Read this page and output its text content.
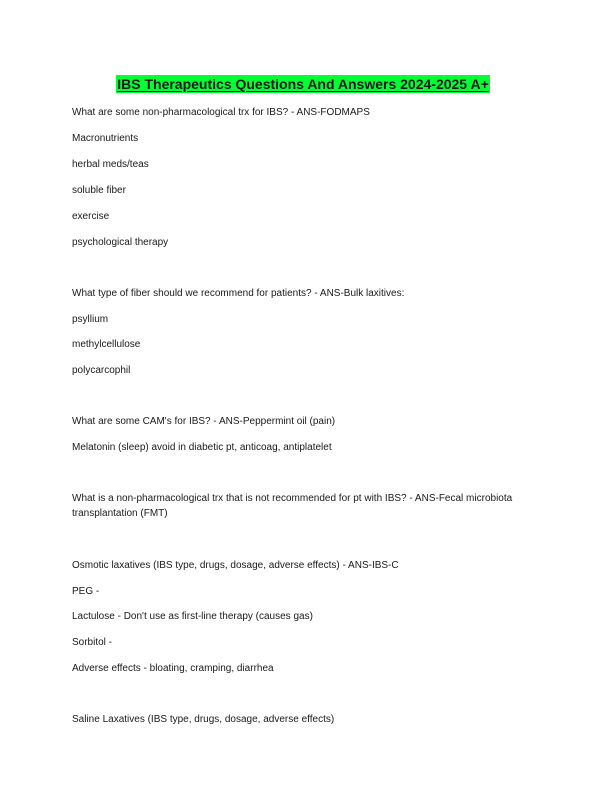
IBS Therapeutics Questions And Answers 2024-2025 A+
What are some non-pharmacological trx for IBS? - ANS-FODMAPS
Macronutrients
herbal meds/teas
soluble fiber
exercise
psychological therapy
What type of fiber should we recommend for patients? - ANS-Bulk laxitives:
psyllium
methylcellulose
polycarcophil
What are some CAM's for IBS? - ANS-Peppermint oil (pain)
Melatonin (sleep) avoid in diabetic pt, anticoag, antiplatelet
What is a non-pharmacological trx that is not recommended for pt with IBS? - ANS-Fecal microbiota transplantation (FMT)
Osmotic laxatives (IBS type, drugs, dosage, adverse effects) - ANS-IBS-C
PEG -
Lactulose - Don't use as first-line therapy (causes gas)
Sorbitol -
Adverse effects - bloating, cramping, diarrhea
Saline Laxatives (IBS type, drugs, dosage, adverse effects)
